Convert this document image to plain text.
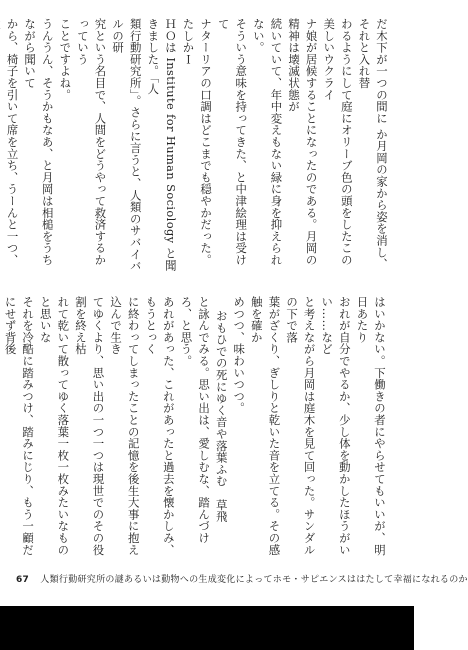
だ木下が一つの間に か月岡の家から姿を消し、それと入れ替
わるようにして庭にオリーブ色の頭をしたこの美しいウクライ
ナ娘が居候することになったのである。月岡の精神は壊滅状態が
続いていて、年中変えもない緑に身を抑えられない。
そういう意味を持ってきた、と中津絵理は受けて
ナターリアの口調はどこまでも穏やかだった。たしかＩ
ＨＯは Institute for Human Sociology と聞きました。「人
類行動研究所」。さらに言うと、人類のサバイバルの研
究という名目で、人間をどうやって救済するかっていう
ことですよね。
うんうん、そうかもなあ、と月岡は相槌をうちながら聞いて
から、椅子を引いて席を立ち、うーんと一つ、
はいかない。下働きの者にやらせてもいいが、明日あたり
おれが自分でやるか、少し体を動かしたほうがいい……など
と考えながら月岡は庭木を見て回った。サンダルの下で落
葉がざくり、ぎしりと乾いた音を立てる。その感触を確か
めつつ、味わいつつ。
おもひでの死にゆく音や落葉ふむ　草飛
と詠んでみる。思い出は、愛しむな、踏んづけろ、と思う。
あれがあった、これがあったと過去を懐かしみ、もうとっく
に終わってしまったことの記憶を後生大事に抱え込んで生き
てゆくより、思い出の一つ一つは現世でのその役割を終え枯
れて乾いて散ってゆく落葉一枚一枚みたいなものと思いな
それを冷酷に踏みつけ、踏みにじり、もう一顧だにせず背後
67 人類行動研究所の謎あるいは動物への生成変化によってホモ・サピエンスははたして幸福になれるのか
